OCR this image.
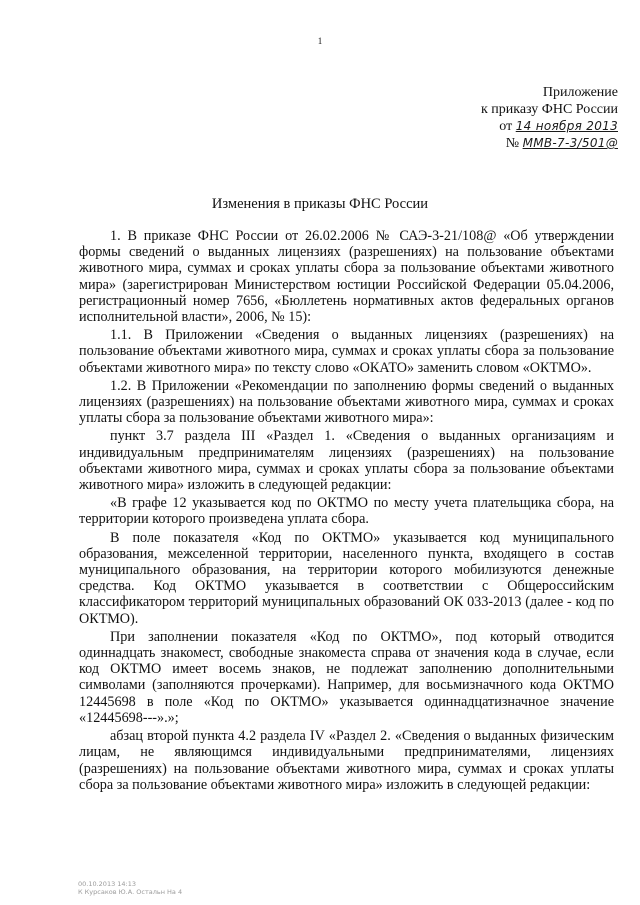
1
Приложение
к приказу ФНС России
от 14 ноября 2013
№ ММВ-7-3/501@
Изменения в приказы ФНС России

1. В приказе ФНС России от 26.02.2006 № САЭ-3-21/108@ «Об утверждении формы сведений о выданных лицензиях (разрешениях) на пользование объектами животного мира, суммах и сроках уплаты сбора за пользование объектами животного мира» (зарегистрирован Министерством юстиции Российской Федерации 05.04.2006, регистрационный номер 7656, «Бюллетень нормативных актов федеральных органов исполнительной власти», 2006, № 15):

1.1. В Приложении «Сведения о выданных лицензиях (разрешениях) на пользование объектами животного мира, суммах и сроках уплаты сбора за пользование объектами животного мира» по тексту слово «ОКАТО» заменить словом «ОКТМО».

1.2. В Приложении «Рекомендации по заполнению формы сведений о выданных лицензиях (разрешениях) на пользование объектами животного мира, суммах и сроках уплаты сбора за пользование объектами животного мира»:

пункт 3.7 раздела III «Раздел 1. «Сведения о выданных организациям и индивидуальным предпринимателям лицензиях (разрешениях) на пользование объектами животного мира, суммах и сроках уплаты сбора за пользование объектами животного мира» изложить в следующей редакции:

«В графе 12 указывается код по ОКТМО по месту учета плательщика сбора, на территории которого произведена уплата сбора.

В поле показателя «Код по ОКТМО» указывается код муниципального образования, межселенной территории, населенного пункта, входящего в состав муниципального образования, на территории которого мобилизуются денежные средства. Код ОКТМО указывается в соответствии с Общероссийским классификатором территорий муниципальных образований ОК 033-2013 (далее - код по ОКТМО).

При заполнении показателя «Код по ОКТМО», под который отводится одиннадцать знакомест, свободные знакоместа справа от значения кода в случае, если код ОКТМО имеет восемь знаков, не подлежат заполнению дополнительными символами (заполняются прочерками). Например, для восьмизначного кода ОКТМО 12445698 в поле «Код по ОКТМО» указывается одиннадцатизначное значение «12445698---».»;

абзац второй пункта 4.2 раздела IV «Раздел 2. «Сведения о выданных физическим лицам, не являющимся индивидуальными предпринимателями, лицензиях (разрешениях) на пользование объектами животного мира, суммах и сроках уплаты сбора за пользование объектами животного мира» изложить в следующей редакции:

00.10.2013 14:13
К Курсаков Ю.А. Остальн На 4
